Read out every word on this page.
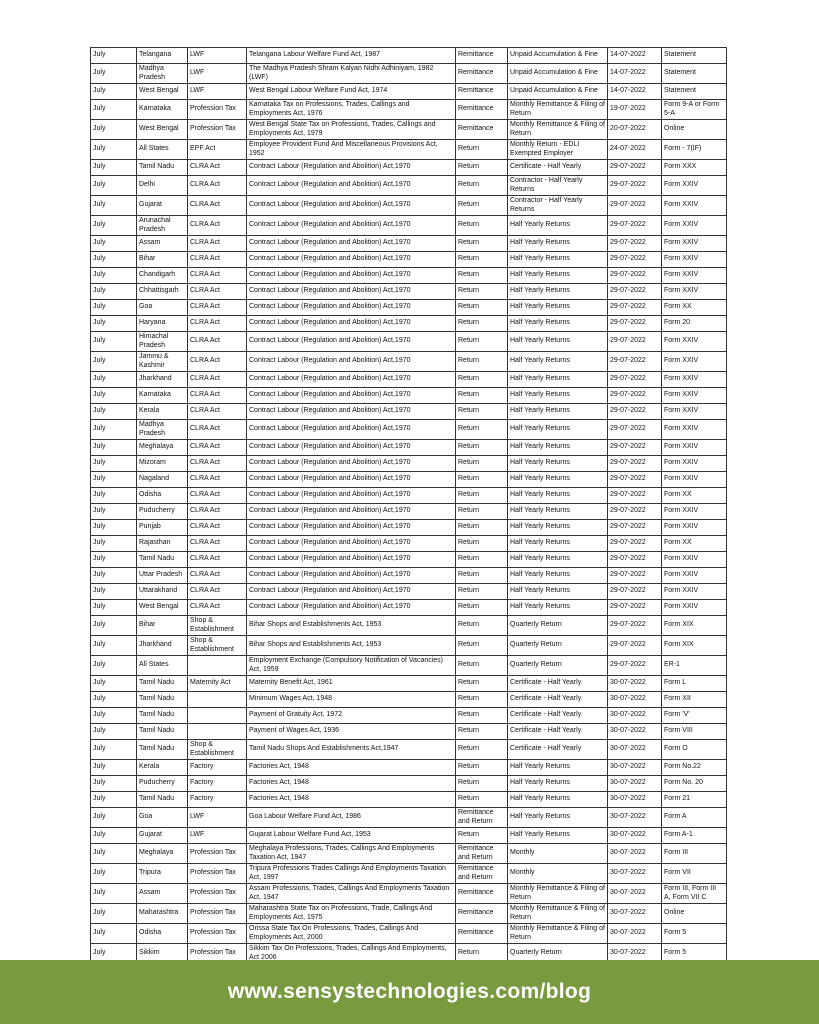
July	Telangana	LWF	Telangana Labour Welfare Fund Act, 1987	Remittance	Unpaid Accumulation & Fine	14-07-2022	Statement
July	Madhya Pradesh	LWF	The Madhya Pradesh Shram Kalyan Nidhi Adhiniyam, 1982 (LWF)	Remittance	Unpaid Accumulation & Fine	14-07-2022	Statement
July	West Bengal	LWF	West Bengal Labour Welfare Fund Act, 1974	Remittance	Unpaid Accumulation & Fine	14-07-2022	Statement
July	Karnataka	Profession Tax	Karnataka Tax on Professions, Trades, Callings and Employments Act, 1976	Remittance	Monthly Remittance & Filing of Return	19-07-2022	Form 9-A or Form 5-A
July	West Bengal	Profession Tax	West Bengal State Tax on Professions, Trades, Callings and Employments Act, 1979	Remittance	Monthly Remittance & Filing of Return	20-07-2022	Online
July	All States	EPF Act	Employee Provident Fund And Miscellaneous Provisions Act, 1952	Return	Monthly Return - EDLI Exempted Employer	24-07-2022	Form - 7(IF)
July	Tamil Nadu	CLRA Act	Contract Labour (Regulation and Abolition) Act,1970	Return	Certificate - Half Yearly	29-07-2022	Form XXX
July	Delhi	CLRA Act	Contract Labour (Regulation and Abolition) Act,1970	Return	Contractor - Half Yearly Returns	29-07-2022	Form XXIV
July	Gujarat	CLRA Act	Contract Labour (Regulation and Abolition) Act,1970	Return	Contractor - Half Yearly Returns	29-07-2022	Form XXIV
July	Arunachal Pradesh	CLRA Act	Contract Labour (Regulation and Abolition) Act,1970	Return	Half Yearly Returns	29-07-2022	Form XXIV
July	Assam	CLRA Act	Contract Labour (Regulation and Abolition) Act,1970	Return	Half Yearly Returns	29-07-2022	Form XXIV
July	Bihar	CLRA Act	Contract Labour (Regulation and Abolition) Act,1970	Return	Half Yearly Returns	29-07-2022	Form XXIV
July	Chandigarh	CLRA Act	Contract Labour (Regulation and Abolition) Act,1970	Return	Half Yearly Returns	29-07-2022	Form XXIV
July	Chhattisgarh	CLRA Act	Contract Labour (Regulation and Abolition) Act,1970	Return	Half Yearly Returns	29-07-2022	Form XXIV
July	Goa	CLRA Act	Contract Labour (Regulation and Abolition) Act,1970	Return	Half Yearly Returns	29-07-2022	Form XX
July	Haryana	CLRA Act	Contract Labour (Regulation and Abolition) Act,1970	Return	Half Yearly Returns	29-07-2022	Form 20
July	Himachal Pradesh	CLRA Act	Contract Labour (Regulation and Abolition) Act,1970	Return	Half Yearly Returns	29-07-2022	Form XXIV
July	Jammu & Kashmir	CLRA Act	Contract Labour (Regulation and Abolition) Act,1970	Return	Half Yearly Returns	29-07-2022	Form XXIV
July	Jharkhand	CLRA Act	Contract Labour (Regulation and Abolition) Act,1970	Return	Half Yearly Returns	29-07-2022	Form XXIV
July	Karnataka	CLRA Act	Contract Labour (Regulation and Abolition) Act,1970	Return	Half Yearly Returns	29-07-2022	Form XXIV
July	Kerala	CLRA Act	Contract Labour (Regulation and Abolition) Act,1970	Return	Half Yearly Returns	29-07-2022	Form XXIV
July	Madhya Pradesh	CLRA Act	Contract Labour (Regulation and Abolition) Act,1970	Return	Half Yearly Returns	29-07-2022	Form XXIV
July	Meghalaya	CLRA Act	Contract Labour (Regulation and Abolition) Act,1970	Return	Half Yearly Returns	29-07-2022	Form XXIV
July	Mizoram	CLRA Act	Contract Labour (Regulation and Abolition) Act,1970	Return	Half Yearly Returns	29-07-2022	Form XXIV
July	Nagaland	CLRA Act	Contract Labour (Regulation and Abolition) Act,1970	Return	Half Yearly Returns	29-07-2022	Form XXIV
July	Odisha	CLRA Act	Contract Labour (Regulation and Abolition) Act,1970	Return	Half Yearly Returns	29-07-2022	Form XX
July	Puducherry	CLRA Act	Contract Labour (Regulation and Abolition) Act,1970	Return	Half Yearly Returns	29-07-2022	Form XXIV
July	Punjab	CLRA Act	Contract Labour (Regulation and Abolition) Act,1970	Return	Half Yearly Returns	29-07-2022	Form XXIV
July	Rajasthan	CLRA Act	Contract Labour (Regulation and Abolition) Act,1970	Return	Half Yearly Returns	29-07-2022	Form XX
July	Tamil Nadu	CLRA Act	Contract Labour (Regulation and Abolition) Act,1970	Return	Half Yearly Returns	29-07-2022	Form XXIV
July	Uttar Pradesh	CLRA Act	Contract Labour (Regulation and Abolition) Act,1970	Return	Half Yearly Returns	29-07-2022	Form XXIV
July	Uttarakhand	CLRA Act	Contract Labour (Regulation and Abolition) Act,1970	Return	Half Yearly Returns	29-07-2022	Form XXIV
July	West Bengal	CLRA Act	Contract Labour (Regulation and Abolition) Act,1970	Return	Half Yearly Returns	29-07-2022	Form XXIV
July	Bihar	Shop & Establishment	Bihar Shops and Establishments Act, 1953	Return	Quarterly Return	29-07-2022	Form XIX
July	Jharkhand	Shop & Establishment	Bihar Shops and Establishments Act, 1953	Return	Quarterly Return	29-07-2022	Form XIX
July	All States		Employment Exchange (Compulsory Notification of Vacancies) Act, 1959	Return	Quarterly Return	29-07-2022	ER-1
July	Tamil Nadu	Maternity Act	Maternity Benefit Act, 1961	Return	Certificate - Half Yearly	30-07-2022	Form L
July	Tamil Nadu		Minimum Wages Act, 1948	Return	Certificate - Half Yearly	30-07-2022	Form XII
July	Tamil Nadu		Payment of Gratuity Act, 1972	Return	Certificate - Half Yearly	30-07-2022	Form 'V'
July	Tamil Nadu		Payment of Wages Act, 1936	Return	Certificate - Half Yearly	30-07-2022	Form VIII
July	Tamil Nadu	Shop & Establishment	Tamil Nadu Shops And Establishments Act,1947	Return	Certificate - Half Yearly	30-07-2022	Form O
July	Kerala	Factory	Factories Act, 1948	Return	Half Yearly Returns	30-07-2022	Form No.22
July	Puducherry	Factory	Factories Act, 1948	Return	Half Yearly Returns	30-07-2022	Form No. 20
July	Tamil Nadu	Factory	Factories Act, 1948	Return	Half Yearly Returns	30-07-2022	Form 21
July	Goa	LWF	Goa Labour Welfare Fund Act, 1986	Remittance and Return	Half Yearly Returns	30-07-2022	Form A
July	Gujarat	LWF	Gujarat Labour Welfare Fund Act, 1953	Return	Half Yearly Returns	30-07-2022	Form A-1
July	Meghalaya	Profession Tax	Meghalaya Professions, Trades, Callings And Employments Taxation Act, 1947	Remittance and Return	Monthly	30-07-2022	Form III
July	Tripura	Profession Tax	Tripura Professions Trades Callings And Employments Taxation Act, 1997	Remittance and Return	Monthly	30-07-2022	Form VII
July	Assam	Profession Tax	Assam Professions, Trades, Callings And Employments Taxation Act, 1947	Remittance	Monthly Remittance & Filing of Return	30-07-2022	Form III, Form III A, Form VII C
July	Maharashtra	Profession Tax	Maharashtra State Tax on Professions, Trade, Callings And Employments Act, 1975	Remittance	Monthly Remittance & Filing of Return	30-07-2022	Online
July	Odisha	Profession Tax	Orissa State Tax On Professions, Trades, Callings And Employments Act, 2000	Remittance	Monthly Remittance & Filing of Return	30-07-2022	Form 5
July	Sikkim	Profession Tax	Sikkim Tax On Professions, Trades, Callings And Employments, Act 2006	Return	Quarterly Return	30-07-2022	Form 5
www.sensystechnologies.com/blog
